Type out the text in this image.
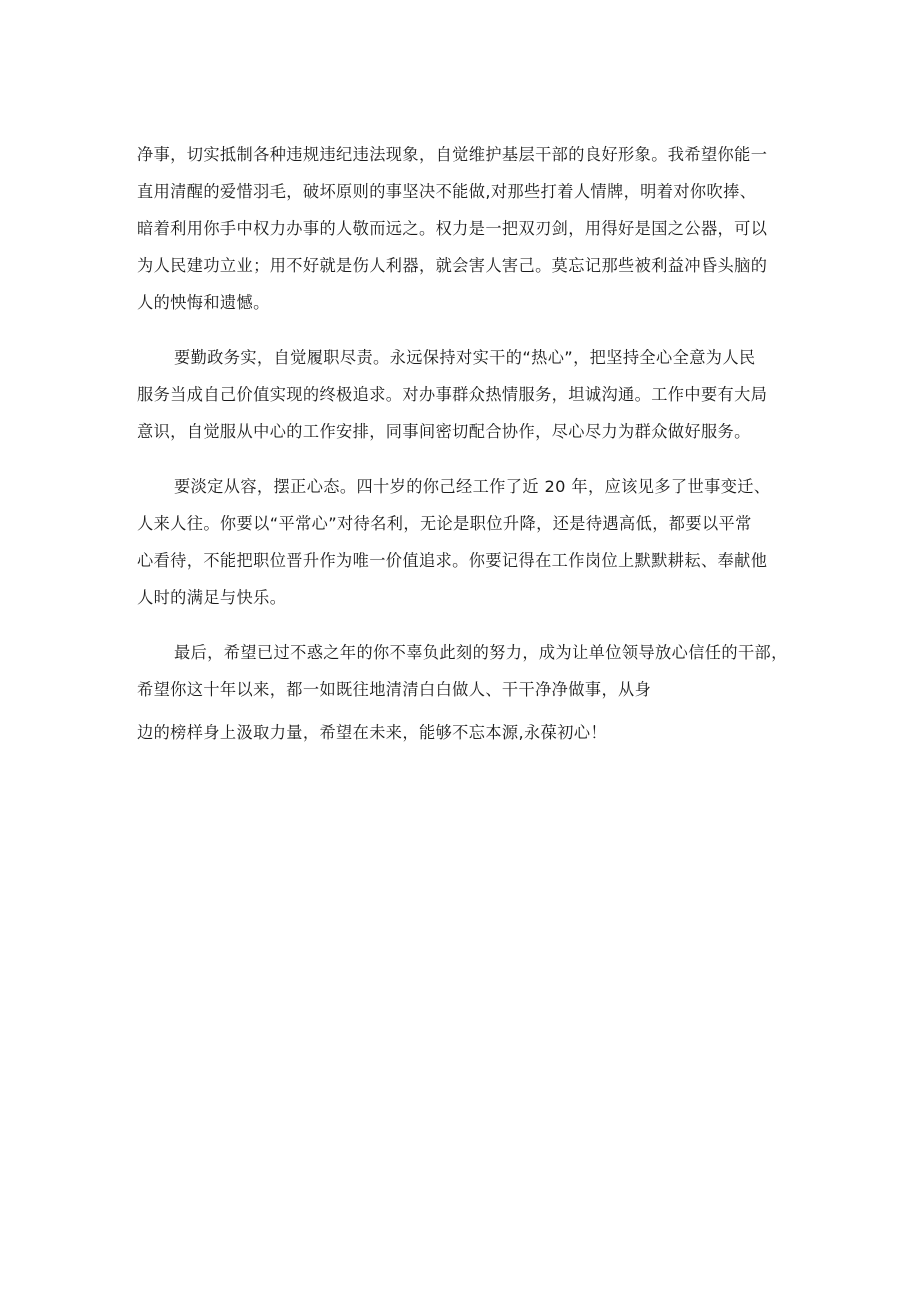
净事，切实抵制各种违规违纪违法现象，自觉维护基层干部的良好形象。我希望你能一
直用清醒的爱惜羽毛，破坏原则的事坚决不能做,对那些打着人情牌，明着对你吹捧、
暗着利用你手中权力办事的人敬而远之。权力是一把双刃剑，用得好是国之公器，可以
为人民建功立业；用不好就是伤人利器，就会害人害己。莫忘记那些被利益冲昏头脑的
人的怏悔和遗憾。
要勤政务实，自觉履职尽责。永远保持对实干的“热心”，把坚持全心全意为人民
服务当成自己价值实现的终极追求。对办事群众热情服务，坦诚沟通。工作中要有大局
意识，自觉服从中心的工作安排，同事间密切配合协作，尽心尽力为群众做好服务。
要淡定从容，摆正心态。四十岁的你己经工作了近 20 年，应该见多了世事变迁、
人来人往。你要以“平常心”对待名利，无论是职位升降，还是待遇高低，都要以平常
心看待，不能把职位晋升作为唯一价值追求。你要记得在工作岗位上默默耕耘、奉献他
人时的满足与快乐。
最后，希望已过不惑之年的你不辜负此刻的努力，成为让单位领导放心信任的干部，
希望你这十年以来，都一如既往地清清白白做人、干干净净做事，从身
边的榜样身上汲取力量，希望在未来，能够不忘本源,永葆初心！
